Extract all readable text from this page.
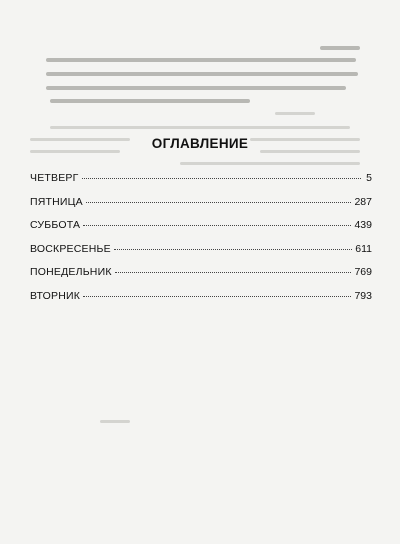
ОГЛАВЛЕНИЕ
ЧЕТВЕРГ	5
ПЯТНИЦА	287
СУББОТА	439
ВОСКРЕСЕНЬЕ	611
ПОНЕДЕЛЬНИК	769
ВТОРНИК	793
